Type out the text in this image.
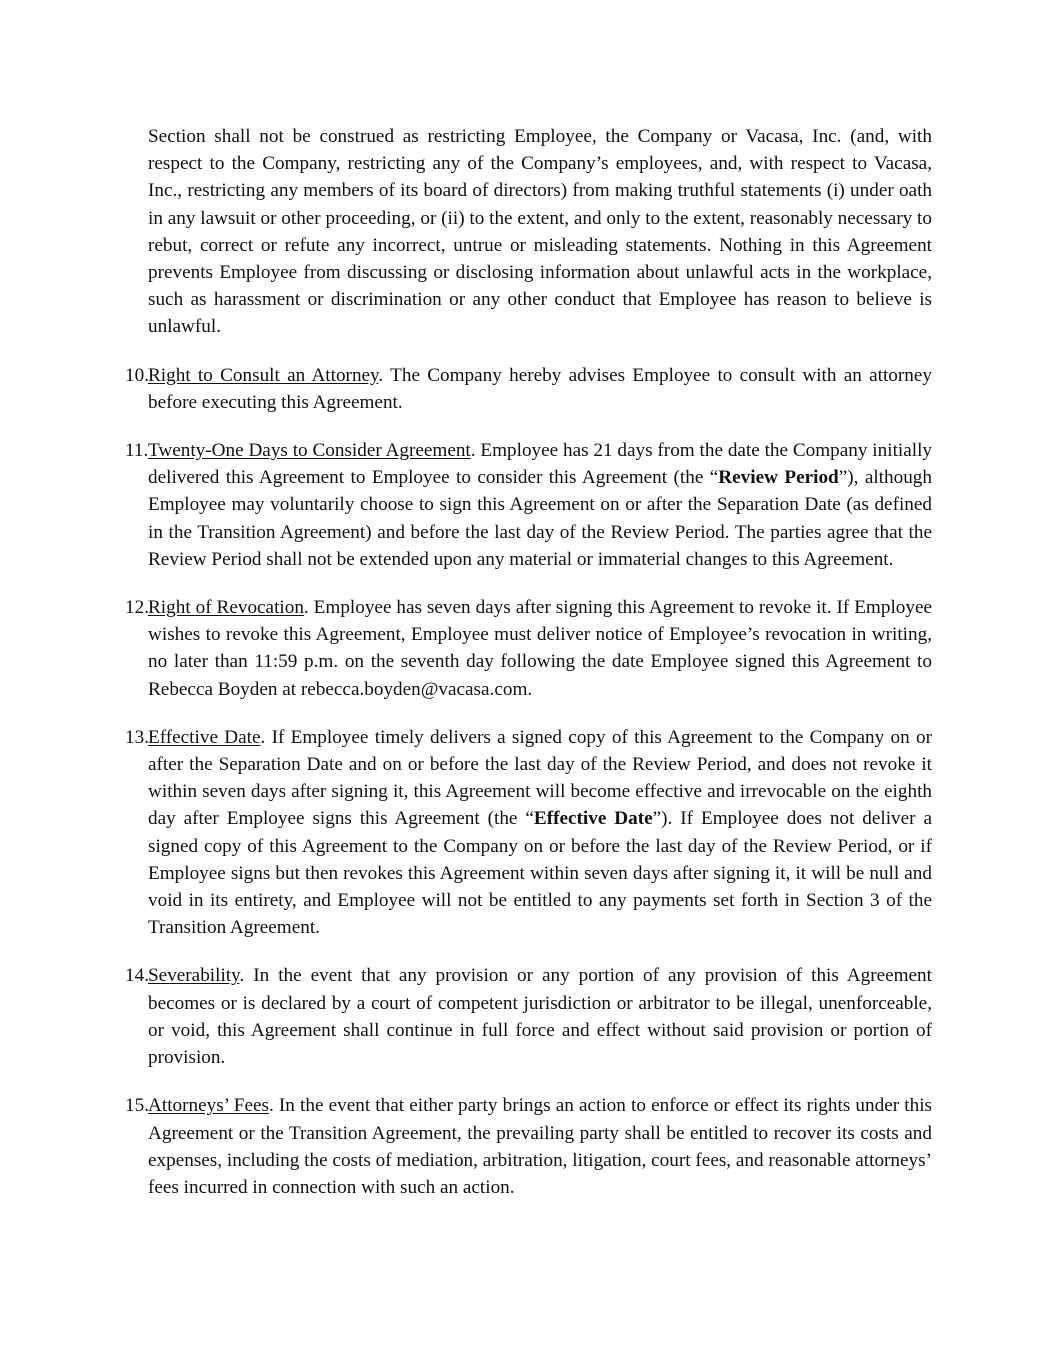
Section shall not be construed as restricting Employee, the Company or Vacasa, Inc. (and, with respect to the Company, restricting any of the Company’s employees, and, with respect to Vacasa, Inc., restricting any members of its board of directors) from making truthful statements (i) under oath in any lawsuit or other proceeding, or (ii) to the extent, and only to the extent, reasonably necessary to rebut, correct or refute any incorrect, untrue or misleading statements. Nothing in this Agreement prevents Employee from discussing or disclosing information about unlawful acts in the workplace, such as harassment or discrimination or any other conduct that Employee has reason to believe is unlawful.

10. Right to Consult an Attorney. The Company hereby advises Employee to consult with an attorney before executing this Agreement.

11. Twenty-One Days to Consider Agreement. Employee has 21 days from the date the Company initially delivered this Agreement to Employee to consider this Agreement (the “Review Period”), although Employee may voluntarily choose to sign this Agreement on or after the Separation Date (as defined in the Transition Agreement) and before the last day of the Review Period. The parties agree that the Review Period shall not be extended upon any material or immaterial changes to this Agreement.

12. Right of Revocation. Employee has seven days after signing this Agreement to revoke it. If Employee wishes to revoke this Agreement, Employee must deliver notice of Employee’s revocation in writing, no later than 11:59 p.m. on the seventh day following the date Employee signed this Agreement to Rebecca Boyden at rebecca.boyden@vacasa.com.

13. Effective Date. If Employee timely delivers a signed copy of this Agreement to the Company on or after the Separation Date and on or before the last day of the Review Period, and does not revoke it within seven days after signing it, this Agreement will become effective and irrevocable on the eighth day after Employee signs this Agreement (the “Effective Date”). If Employee does not deliver a signed copy of this Agreement to the Company on or before the last day of the Review Period, or if Employee signs but then revokes this Agreement within seven days after signing it, it will be null and void in its entirety, and Employee will not be entitled to any payments set forth in Section 3 of the Transition Agreement.

14. Severability. In the event that any provision or any portion of any provision of this Agreement becomes or is declared by a court of competent jurisdiction or arbitrator to be illegal, unenforceable, or void, this Agreement shall continue in full force and effect without said provision or portion of provision.

15. Attorneys’ Fees. In the event that either party brings an action to enforce or effect its rights under this Agreement or the Transition Agreement, the prevailing party shall be entitled to recover its costs and expenses, including the costs of mediation, arbitration, litigation, court fees, and reasonable attorneys’ fees incurred in connection with such an action.
